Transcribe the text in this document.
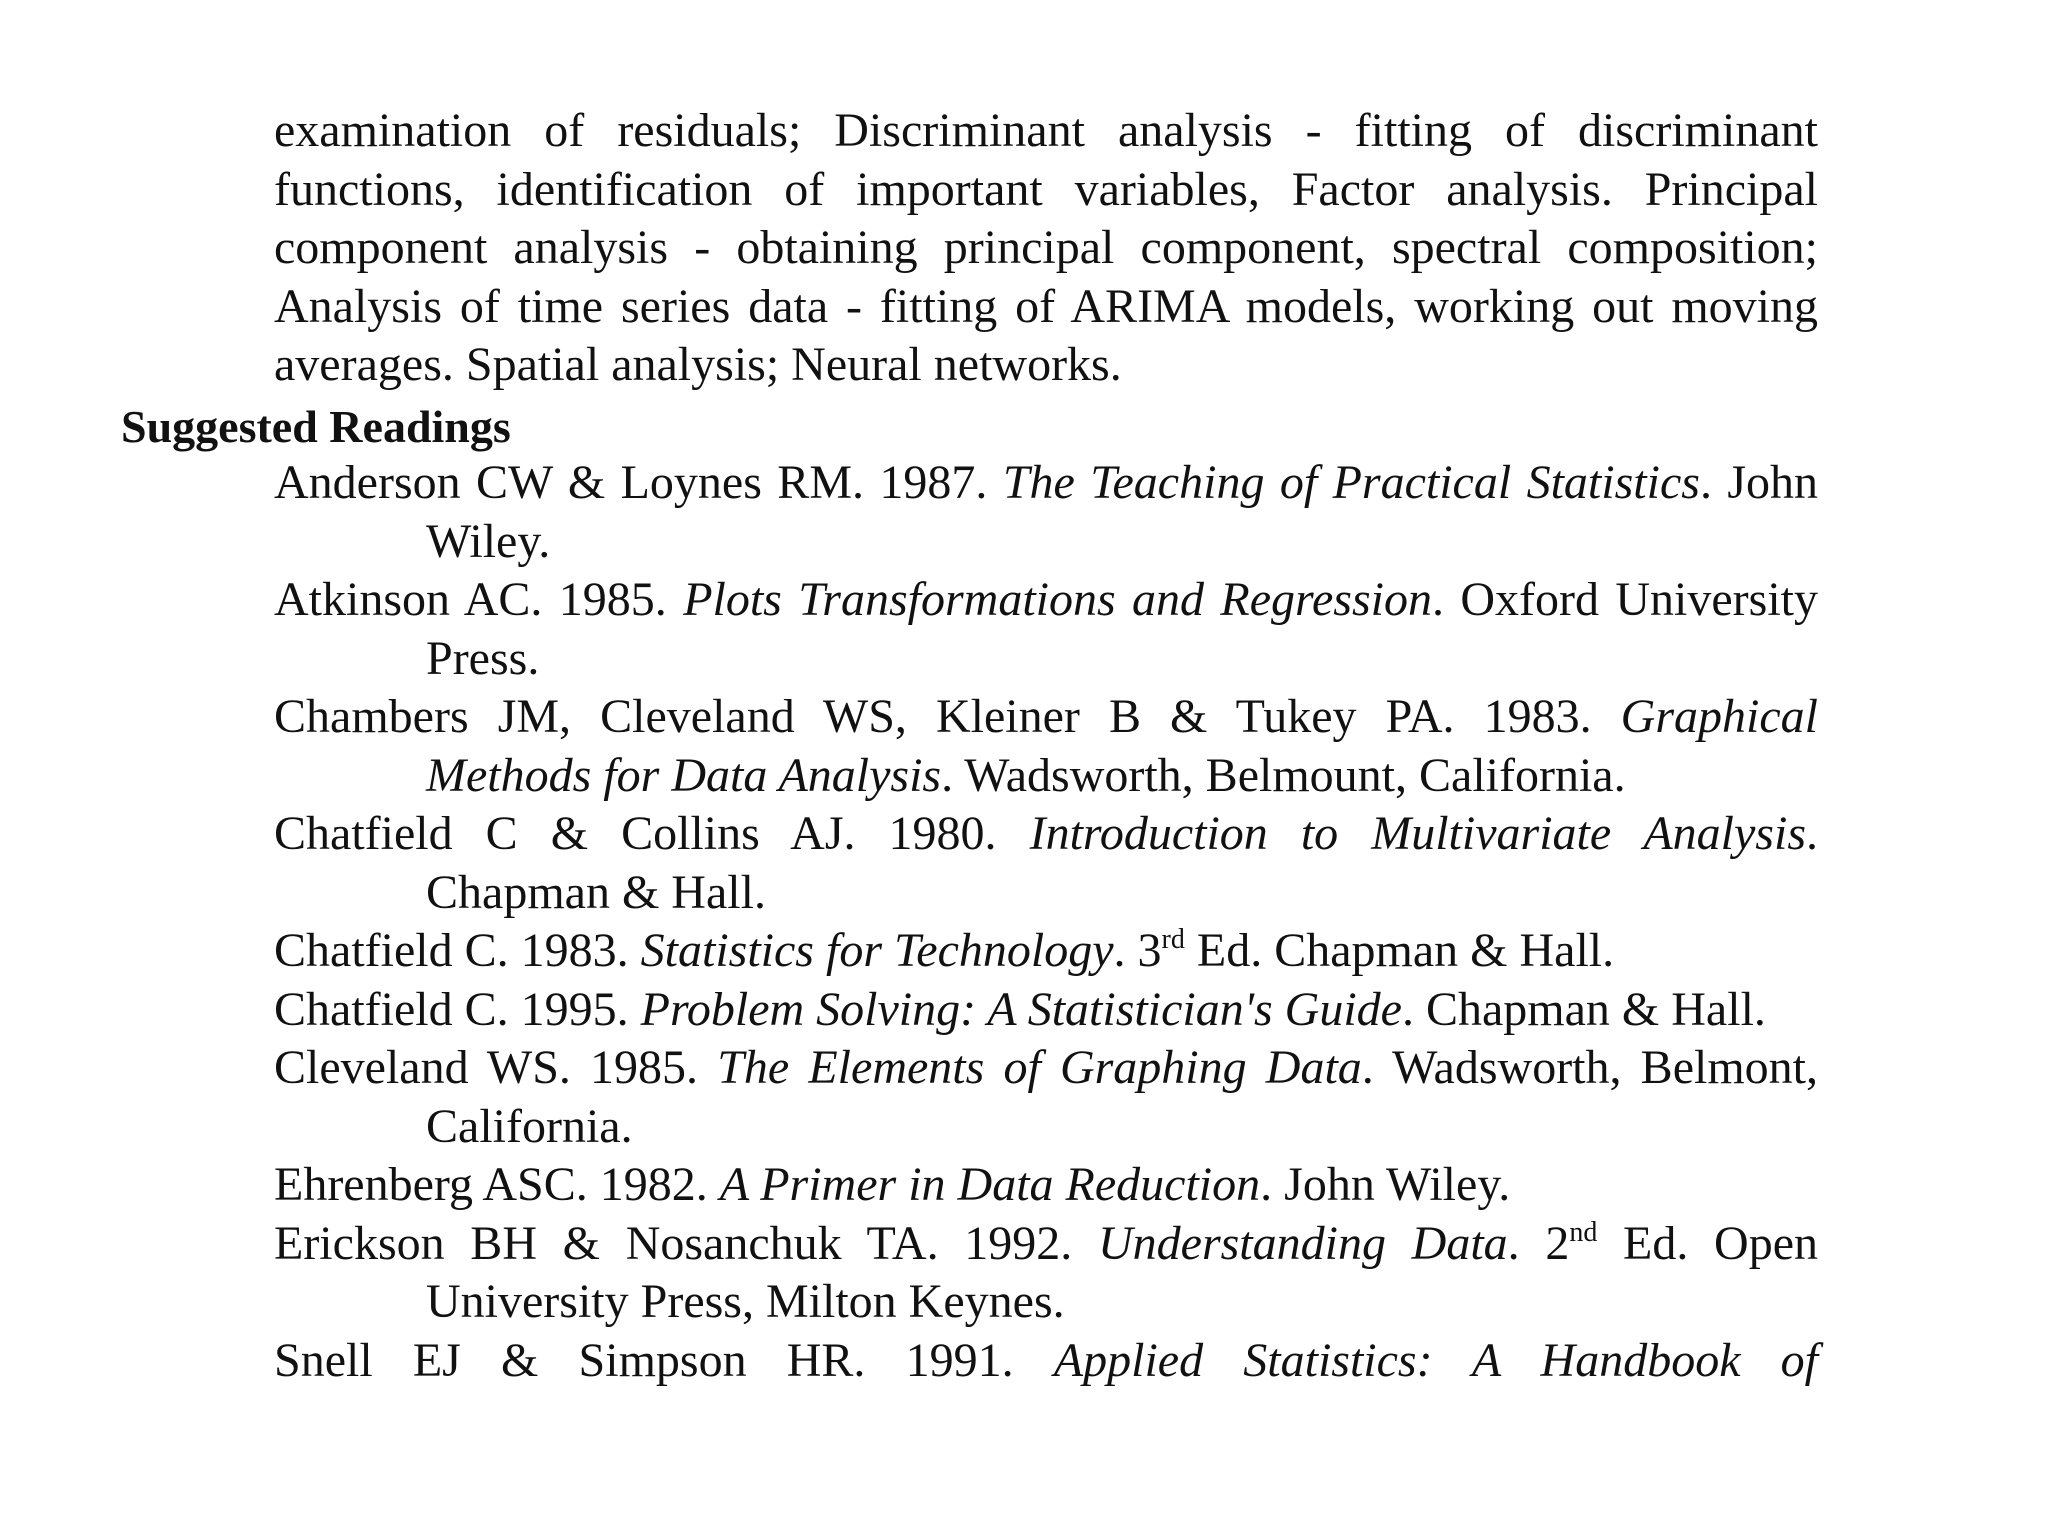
examination of residuals; Discriminant analysis - fitting of discriminant functions, identification of important variables, Factor analysis. Principal component analysis - obtaining principal component, spectral composition; Analysis of time series data - fitting of ARIMA models, working out moving averages. Spatial analysis; Neural networks.

Suggested Readings
Anderson CW & Loynes RM. 1987. The Teaching of Practical Statistics. John Wiley.
Atkinson AC. 1985. Plots Transformations and Regression. Oxford University Press.
Chambers JM, Cleveland WS, Kleiner B & Tukey PA. 1983. Graphical Methods for Data Analysis. Wadsworth, Belmount, California.
Chatfield C & Collins AJ. 1980. Introduction to Multivariate Analysis. Chapman & Hall.
Chatfield C. 1983. Statistics for Technology. 3rd Ed. Chapman & Hall.
Chatfield C. 1995. Problem Solving: A Statistician's Guide. Chapman & Hall.
Cleveland WS. 1985. The Elements of Graphing Data. Wadsworth, Belmont, California.
Ehrenberg ASC. 1982. A Primer in Data Reduction. John Wiley.
Erickson BH & Nosanchuk TA. 1992. Understanding Data. 2nd Ed. Open University Press, Milton Keynes.
Snell EJ & Simpson HR. 1991. Applied Statistics: A Handbook of
